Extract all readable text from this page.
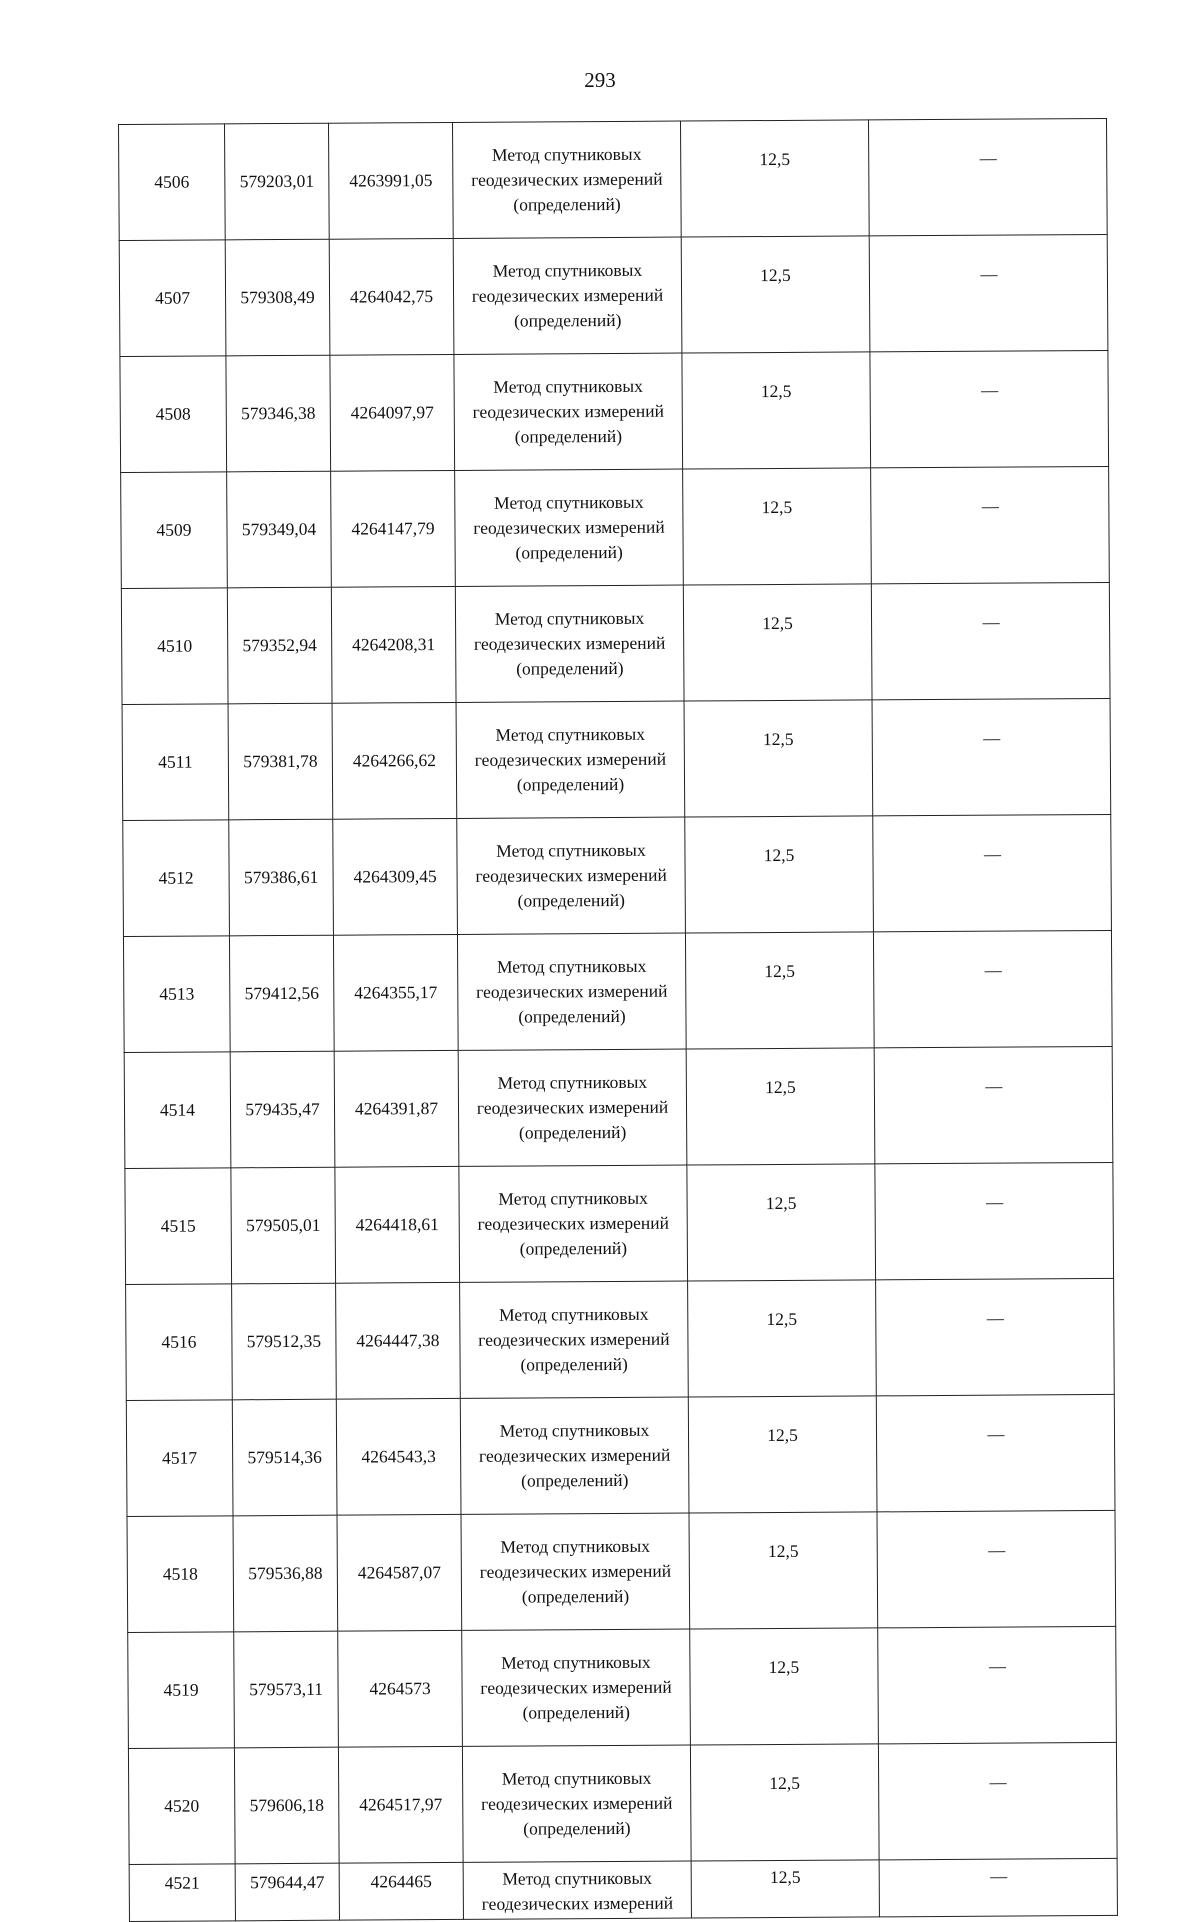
293
4506	579203,01	4263991,05	Метод спутниковых
геодезических измерений
(определений)	12,5	—
4507	579308,49	4264042,75	Метод спутниковых
геодезических измерений
(определений)	12,5	—
4508	579346,38	4264097,97	Метод спутниковых
геодезических измерений
(определений)	12,5	—
4509	579349,04	4264147,79	Метод спутниковых
геодезических измерений
(определений)	12,5	—
4510	579352,94	4264208,31	Метод спутниковых
геодезических измерений
(определений)	12,5	—
4511	579381,78	4264266,62	Метод спутниковых
геодезических измерений
(определений)	12,5	—
4512	579386,61	4264309,45	Метод спутниковых
геодезических измерений
(определений)	12,5	—
4513	579412,56	4264355,17	Метод спутниковых
геодезических измерений
(определений)	12,5	—
4514	579435,47	4264391,87	Метод спутниковых
геодезических измерений
(определений)	12,5	—
4515	579505,01	4264418,61	Метод спутниковых
геодезических измерений
(определений)	12,5	—
4516	579512,35	4264447,38	Метод спутниковых
геодезических измерений
(определений)	12,5	—
4517	579514,36	4264543,3	Метод спутниковых
геодезических измерений
(определений)	12,5	—
4518	579536,88	4264587,07	Метод спутниковых
геодезических измерений
(определений)	12,5	—
4519	579573,11	4264573	Метод спутниковых
геодезических измерений
(определений)	12,5	—
4520	579606,18	4264517,97	Метод спутниковых
геодезических измерений
(определений)	12,5	—
4521	579644,47	4264465	Метод спутниковых
геодезических измерений	12,5	—
